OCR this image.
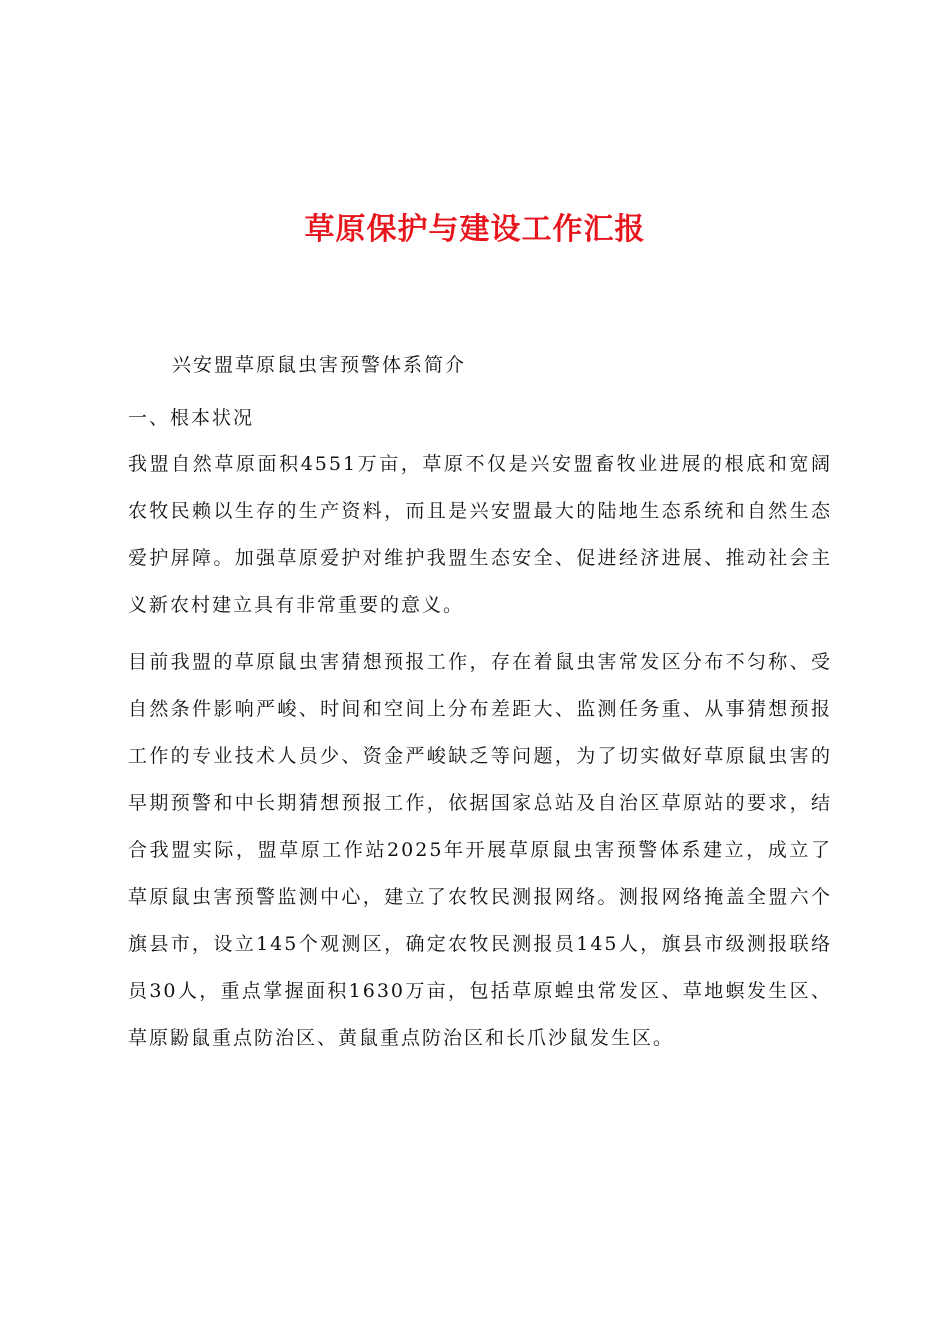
草原保护与建设工作汇报
兴安盟草原鼠虫害预警体系简介
一、根本状况
我盟自然草原面积4551万亩，草原不仅是兴安盟畜牧业进展的根底和宽阔农牧民赖以生存的生产资料，而且是兴安盟最大的陆地生态系统和自然生态爱护屏障。加强草原爱护对维护我盟生态安全、促进经济进展、推动社会主义新农村建立具有非常重要的意义。
目前我盟的草原鼠虫害猜想预报工作，存在着鼠虫害常发区分布不匀称、受自然条件影响严峻、时间和空间上分布差距大、监测任务重、从事猜想预报工作的专业技术人员少、资金严峻缺乏等问题，为了切实做好草原鼠虫害的早期预警和中长期猜想预报工作，依据国家总站及自治区草原站的要求，结合我盟实际，盟草原工作站2025年开展草原鼠虫害预警体系建立，成立了草原鼠虫害预警监测中心，建立了农牧民测报网络。测报网络掩盖全盟六个旗县市，设立145个观测区，确定农牧民测报员145人，旗县市级测报联络员30人，重点掌握面积1630万亩，包括草原蝗虫常发区、草地螟发生区、草原鼢鼠重点防治区、黄鼠重点防治区和长爪沙鼠发生区。
